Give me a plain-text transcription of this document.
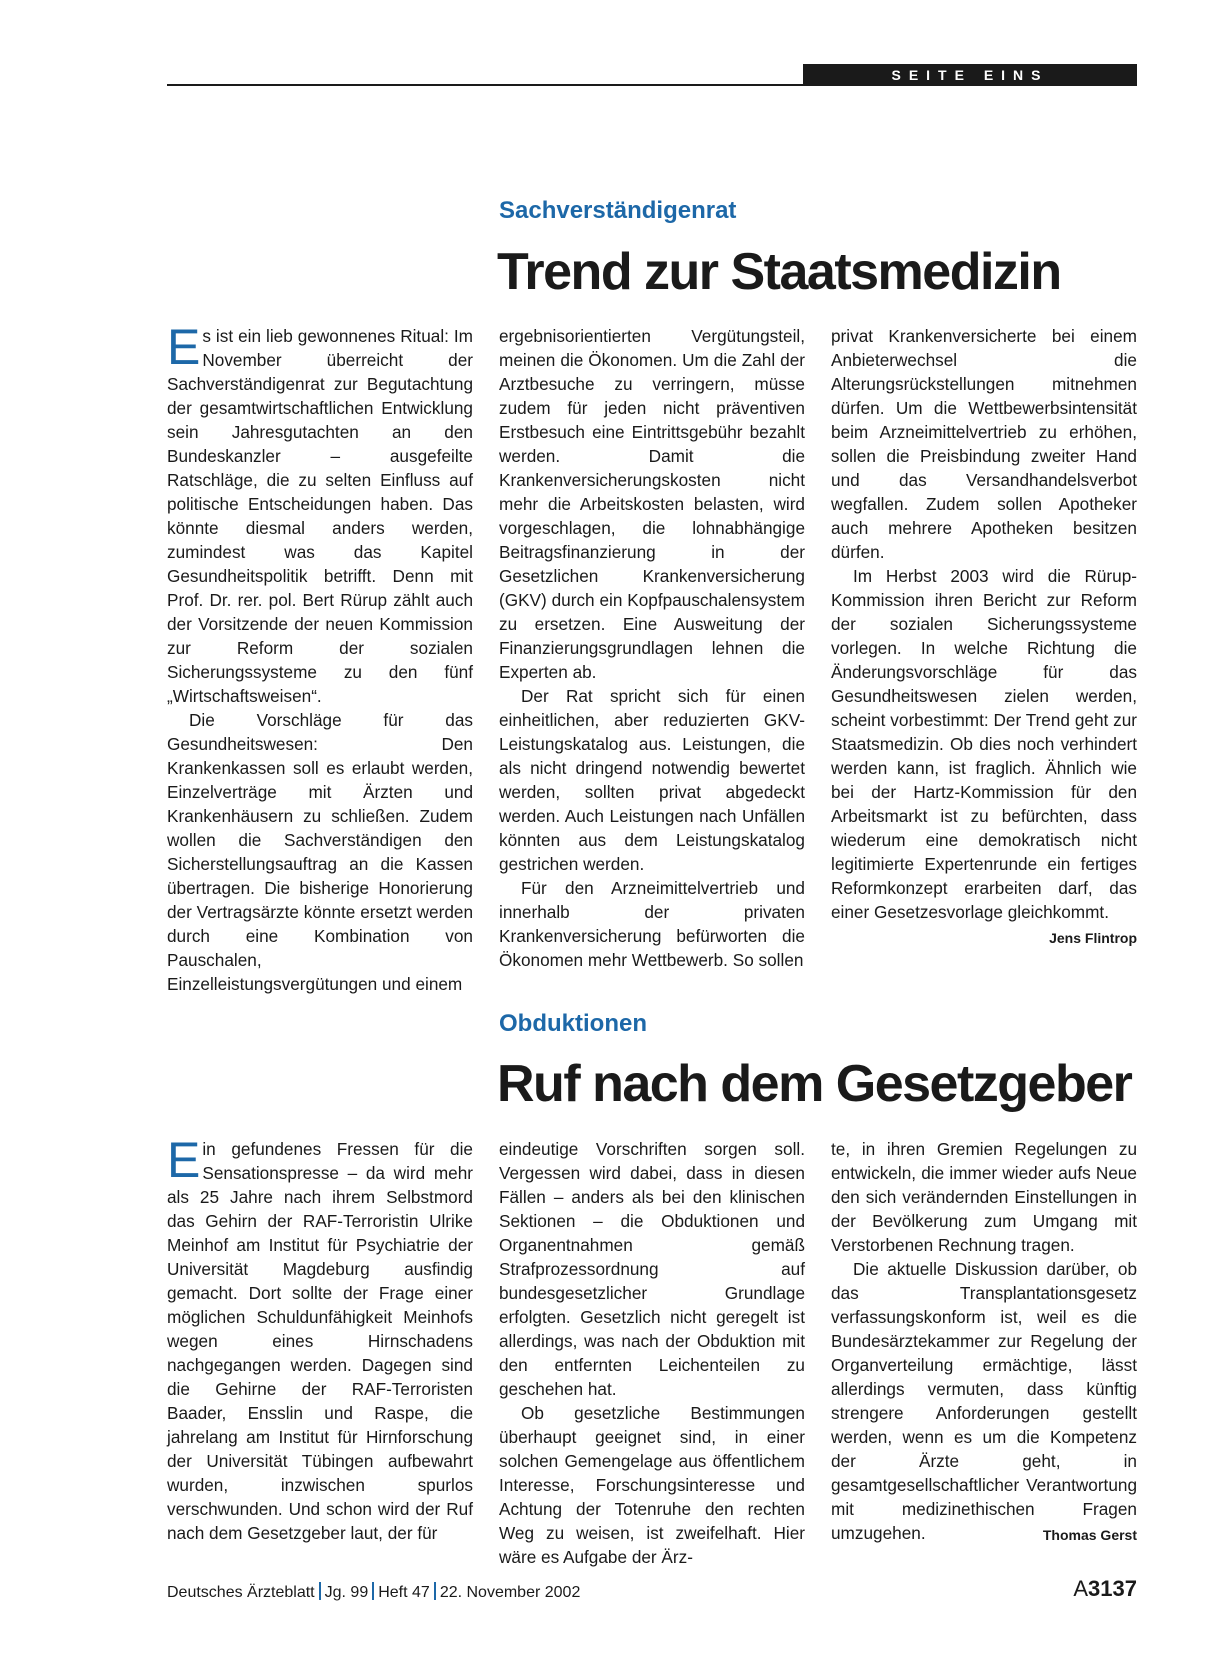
SEITE EINS
Sachverständigenrat
Trend zur Staatsmedizin

Es ist ein lieb gewonnenes Ritual: Im November überreicht der Sachverständigenrat zur Begutachtung der gesamtwirtschaftlichen Entwicklung sein Jahresgutachten an den Bundeskanzler – ausgefeilte Ratschläge, die zu selten Einfluss auf politische Entscheidungen haben. Das könnte diesmal anders werden, zumindest was das Kapitel Gesundheitspolitik betrifft. Denn mit Prof. Dr. rer. pol. Bert Rürup zählt auch der Vorsitzende der neuen Kommission zur Reform der sozialen Sicherungssysteme zu den fünf „Wirtschaftsweisen“.

Die Vorschläge für das Gesundheitswesen: Den Krankenkassen soll es erlaubt werden, Einzelverträge mit Ärzten und Krankenhäusern zu schließen. Zudem wollen die Sachverständigen den Sicherstellungsauftrag an die Kassen übertragen. Die bisherige Honorierung der Vertragsärzte könnte ersetzt werden durch eine Kombination von Pauschalen, Einzelleistungsvergütungen und einem

ergebnisorientierten Vergütungsteil, meinen die Ökonomen. Um die Zahl der Arztbesuche zu verringern, müsse zudem für jeden nicht präventiven Erstbesuch eine Eintrittsgebühr bezahlt werden. Damit die Krankenversicherungskosten nicht mehr die Arbeitskosten belasten, wird vorgeschlagen, die lohnabhängige Beitragsfinanzierung in der Gesetzlichen Krankenversicherung (GKV) durch ein Kopfpauschalensystem zu ersetzen. Eine Ausweitung der Finanzierungsgrundlagen lehnen die Experten ab.

Der Rat spricht sich für einen einheitlichen, aber reduzierten GKV-Leistungskatalog aus. Leistungen, die als nicht dringend notwendig bewertet werden, sollten privat abgedeckt werden. Auch Leistungen nach Unfällen könnten aus dem Leistungskatalog gestrichen werden.

Für den Arzneimittelvertrieb und innerhalb der privaten Krankenversicherung befürworten die Ökonomen mehr Wettbewerb. So sollen

privat Krankenversicherte bei einem Anbieterwechsel die Alterungsrückstellungen mitnehmen dürfen. Um die Wettbewerbsintensität beim Arzneimittelvertrieb zu erhöhen, sollen die Preisbindung zweiter Hand und das Versandhandelsverbot wegfallen. Zudem sollen Apotheker auch mehrere Apotheken besitzen dürfen.

Im Herbst 2003 wird die Rürup-Kommission ihren Bericht zur Reform der sozialen Sicherungssysteme vorlegen. In welche Richtung die Änderungsvorschläge für das Gesundheitswesen zielen werden, scheint vorbestimmt: Der Trend geht zur Staatsmedizin. Ob dies noch verhindert werden kann, ist fraglich. Ähnlich wie bei der Hartz-Kommission für den Arbeitsmarkt ist zu befürchten, dass wiederum eine demokratisch nicht legitimierte Expertenrunde ein fertiges Reformkonzept erarbeiten darf, das einer Gesetzesvorlage gleichkommt.
Jens Flintrop

Obduktionen
Ruf nach dem Gesetzgeber

Ein gefundenes Fressen für die Sensationspresse – da wird mehr als 25 Jahre nach ihrem Selbstmord das Gehirn der RAF-Terroristin Ulrike Meinhof am Institut für Psychiatrie der Universität Magdeburg ausfindig gemacht. Dort sollte der Frage einer möglichen Schuldunfähigkeit Meinhofs wegen eines Hirnschadens nachgegangen werden. Dagegen sind die Gehirne der RAF-Terroristen Baader, Ensslin und Raspe, die jahrelang am Institut für Hirnforschung der Universität Tübingen aufbewahrt wurden, inzwischen spurlos verschwunden. Und schon wird der Ruf nach dem Gesetzgeber laut, der für

eindeutige Vorschriften sorgen soll. Vergessen wird dabei, dass in diesen Fällen – anders als bei den klinischen Sektionen – die Obduktionen und Organentnahmen gemäß Strafprozessordnung auf bundesgesetzlicher Grundlage erfolgten. Gesetzlich nicht geregelt ist allerdings, was nach der Obduktion mit den entfernten Leichenteilen zu geschehen hat.

Ob gesetzliche Bestimmungen überhaupt geeignet sind, in einer solchen Gemengelage aus öffentlichem Interesse, Forschungsinteresse und Achtung der Totenruhe den rechten Weg zu weisen, ist zweifelhaft. Hier wäre es Aufgabe der Ärz-

te, in ihren Gremien Regelungen zu entwickeln, die immer wieder aufs Neue den sich verändernden Einstellungen in der Bevölkerung zum Umgang mit Verstorbenen Rechnung tragen.

Die aktuelle Diskussion darüber, ob das Transplantationsgesetz verfassungskonform ist, weil es die Bundesärztekammer zur Regelung der Organverteilung ermächtige, lässt allerdings vermuten, dass künftig strengere Anforderungen gestellt werden, wenn es um die Kompetenz der Ärzte geht, in gesamtgesellschaftlicher Verantwortung mit medizinethischen Fragen umzugehen.	Thomas Gerst

Deutsches Ärzteblatt Jg. 99 Heft 47 22. November 2002	A3137
